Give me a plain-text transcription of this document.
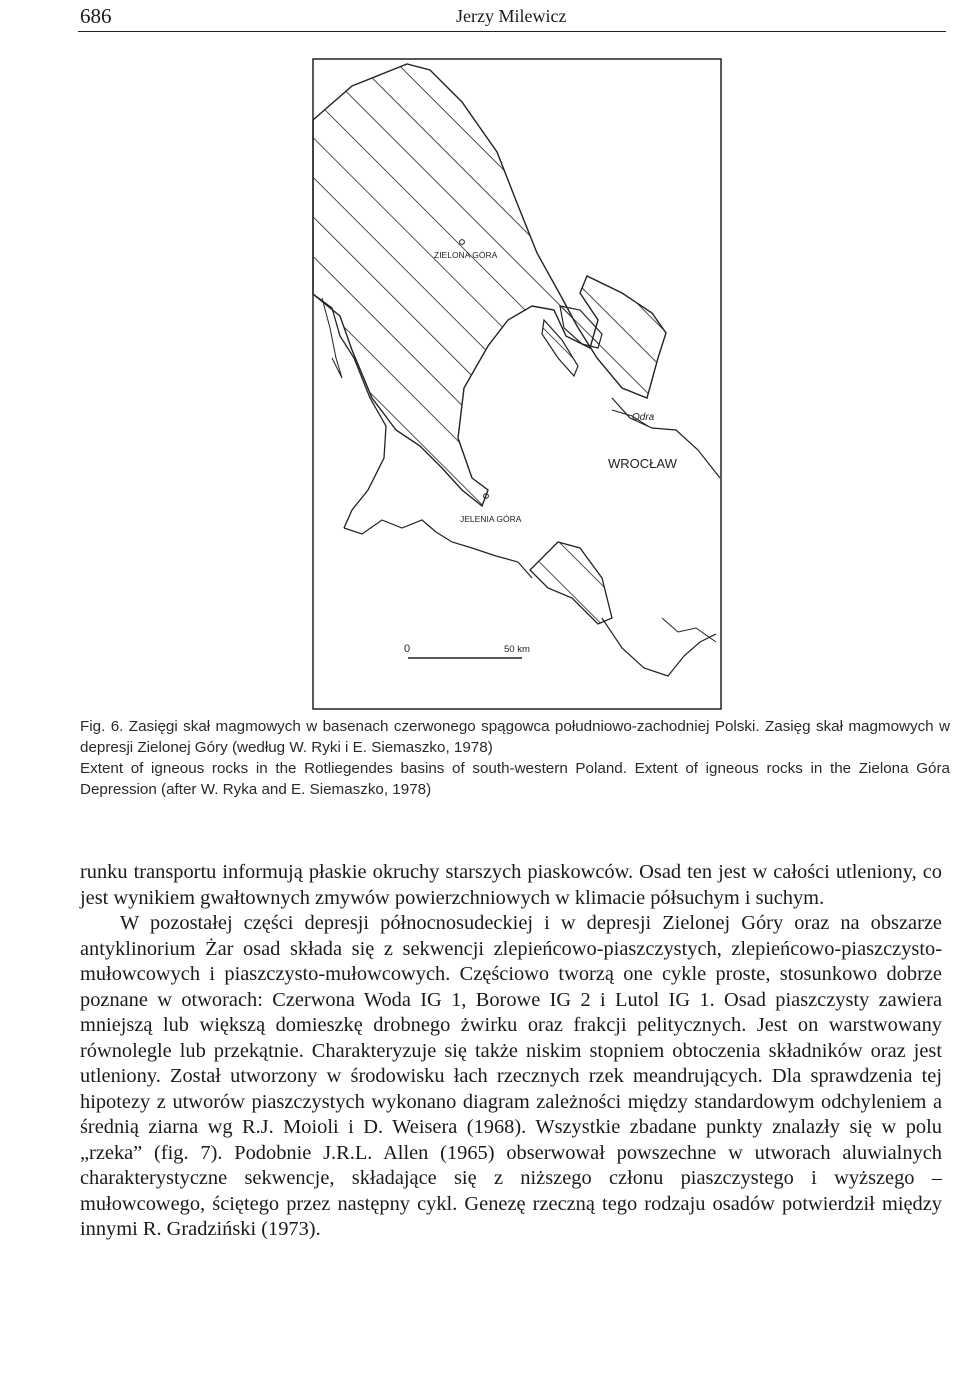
686	Jerzy Milewicz
ZIELONA GÓRA
JELENIA GÓRA
WROCŁAW
Odra
0	50 km

Fig. 6. Zasięgi skał magmowych w basenach czerwonego spągowca południowo-zachodniej Polski. Zasięg skał magmowych w depresji Zielonej Góry (według W. Ryki i E. Siemaszko, 1978)

Extent of igneous rocks in the Rotliegendes basins of south-western Poland. Extent of igneous rocks in the Zielona Góra Depression (after W. Ryka and E. Siemaszko, 1978)

runku transportu informują płaskie okruchy starszych piaskowców. Osad ten jest w całości utleniony, co jest wynikiem gwałtownych zmywów powierzchniowych w klimacie półsuchym i suchym.

W pozostałej części depresji północnosudeckiej i w depresji Zielonej Góry oraz na obszarze antyklinorium Żar osad składa się z sekwencji zlepieńcowo-piaszczystych, zlepieńcowo-piaszczysto-mułowcowych i piaszczysto-mułowcowych. Częściowo tworzą one cykle proste, stosunkowo dobrze poznane w otworach: Czerwona Woda IG 1, Borowe IG 2 i Lutol IG 1. Osad piaszczysty zawiera mniejszą lub większą domieszkę drobnego żwirku oraz frakcji pelitycznych. Jest on warstwowany równolegle lub przekątnie. Charakteryzuje się także niskim stopniem obtoczenia składników oraz jest utleniony. Został utworzony w środowisku łach rzecznych rzek meandrujących. Dla sprawdzenia tej hipotezy z utworów piaszczystych wykonano diagram zależności między standardowym odchyleniem a średnią ziarna wg R.J. Moioli i D. Weisera (1968). Wszystkie zbadane punkty znalazły się w polu „rzeka” (fig. 7). Podobnie J.R.L. Allen (1965) obserwował powszechne w utworach aluwialnych charakterystyczne sekwencje, składające się z niższego członu piaszczystego i wyższego – mułowcowego, ściętego przez następny cykl. Genezę rzeczną tego rodzaju osadów potwierdził między innymi R. Gradziński (1973).
